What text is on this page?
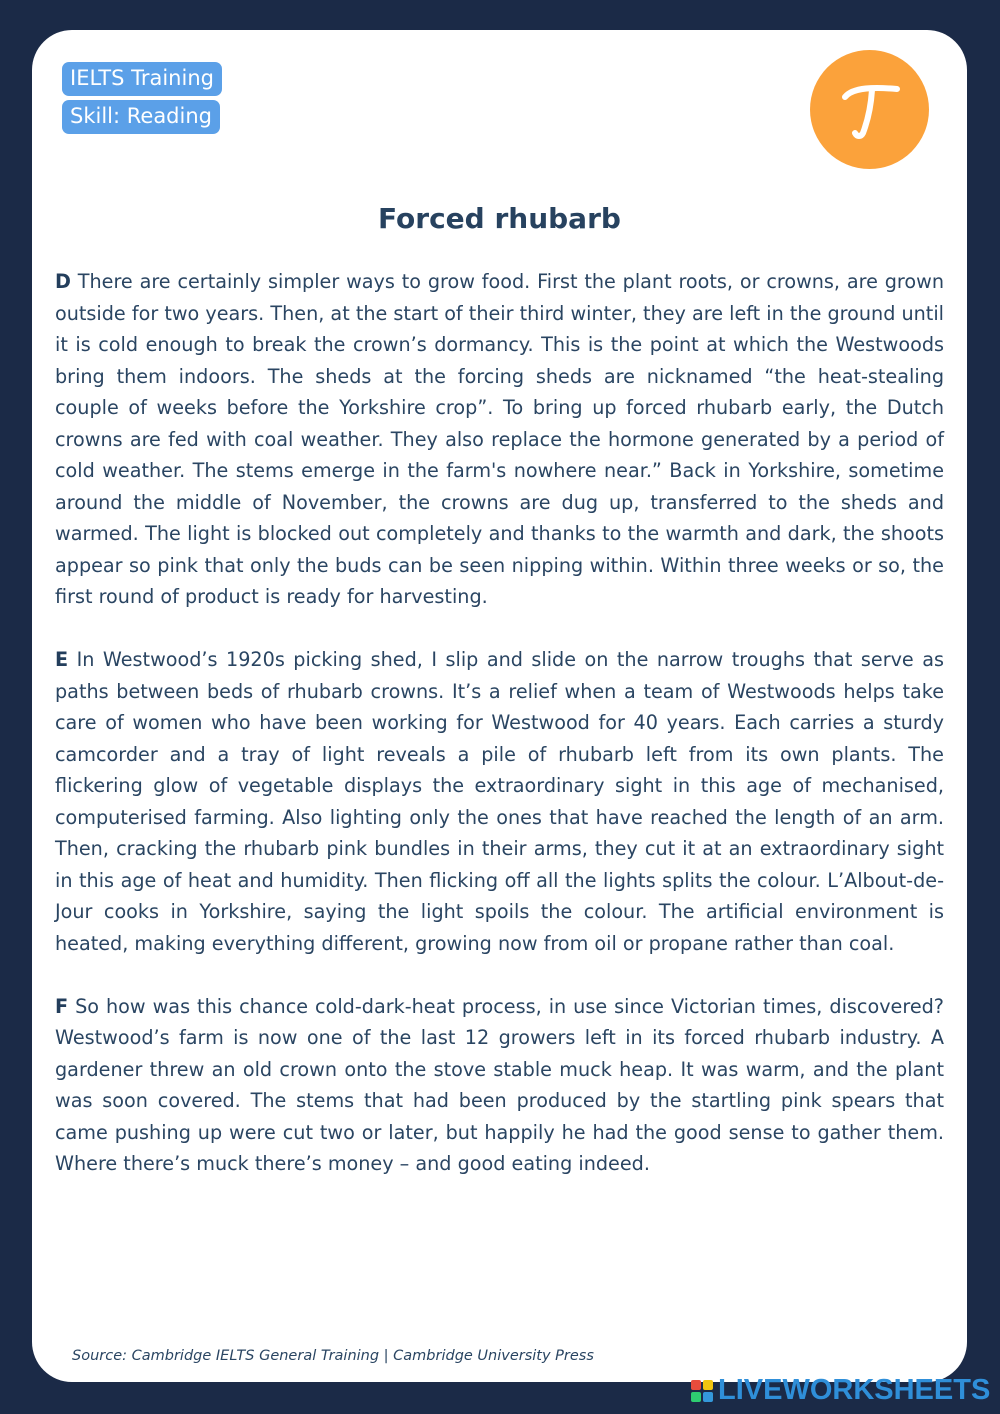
IELTS Training
Skill: Reading
Forced rhubarb

D There are certainly simpler ways to grow food. First the plant roots, or crowns, are grown outside for two years. Then, at the start of their third winter, they are left in the ground until it is cold enough to break the crown’s dormancy. This is the point at which the Westwoods bring them indoors. The sheds at the forcing sheds are nicknamed “the heat-stealing couple of weeks before the Yorkshire crop”. To bring up forced rhubarb early, the Dutch crowns are fed with coal weather. They also replace the hormone generated by a period of cold weather. The stems emerge in the farm's nowhere near.” Back in Yorkshire, sometime around the middle of November, the crowns are dug up, transferred to the sheds and warmed. The light is blocked out completely and thanks to the warmth and dark, the shoots appear so pink that only the buds can be seen nipping within. Within three weeks or so, the first round of product is ready for harvesting.

E In Westwood’s 1920s picking shed, I slip and slide on the narrow troughs that serve as paths between beds of rhubarb crowns. It’s a relief when a team of Westwoods helps take care of women who have been working for Westwood for 40 years. Each carries a sturdy camcorder and a tray of light reveals a pile of rhubarb left from its own plants. The flickering glow of vegetable displays the extraordinary sight in this age of mechanised, computerised farming. Also lighting only the ones that have reached the length of an arm. Then, cracking the rhubarb pink bundles in their arms, they cut it at an extraordinary sight in this age of heat and humidity. Then flicking off all the lights splits the colour. L’Albout-de-Jour cooks in Yorkshire, saying the light spoils the colour. The artificial environment is heated, making everything different, growing now from oil or propane rather than coal.

F So how was this chance cold-dark-heat process, in use since Victorian times, discovered? Westwood’s farm is now one of the last 12 growers left in its forced rhubarb industry. A gardener threw an old crown onto the stove stable muck heap. It was warm, and the plant was soon covered. The stems that had been produced by the startling pink spears that came pushing up were cut two or later, but happily he had the good sense to gather them. Where there’s muck there’s money – and good eating indeed.

Source: Cambridge IELTS General Training | Cambridge University Press
LIVEWORKSHEETS
